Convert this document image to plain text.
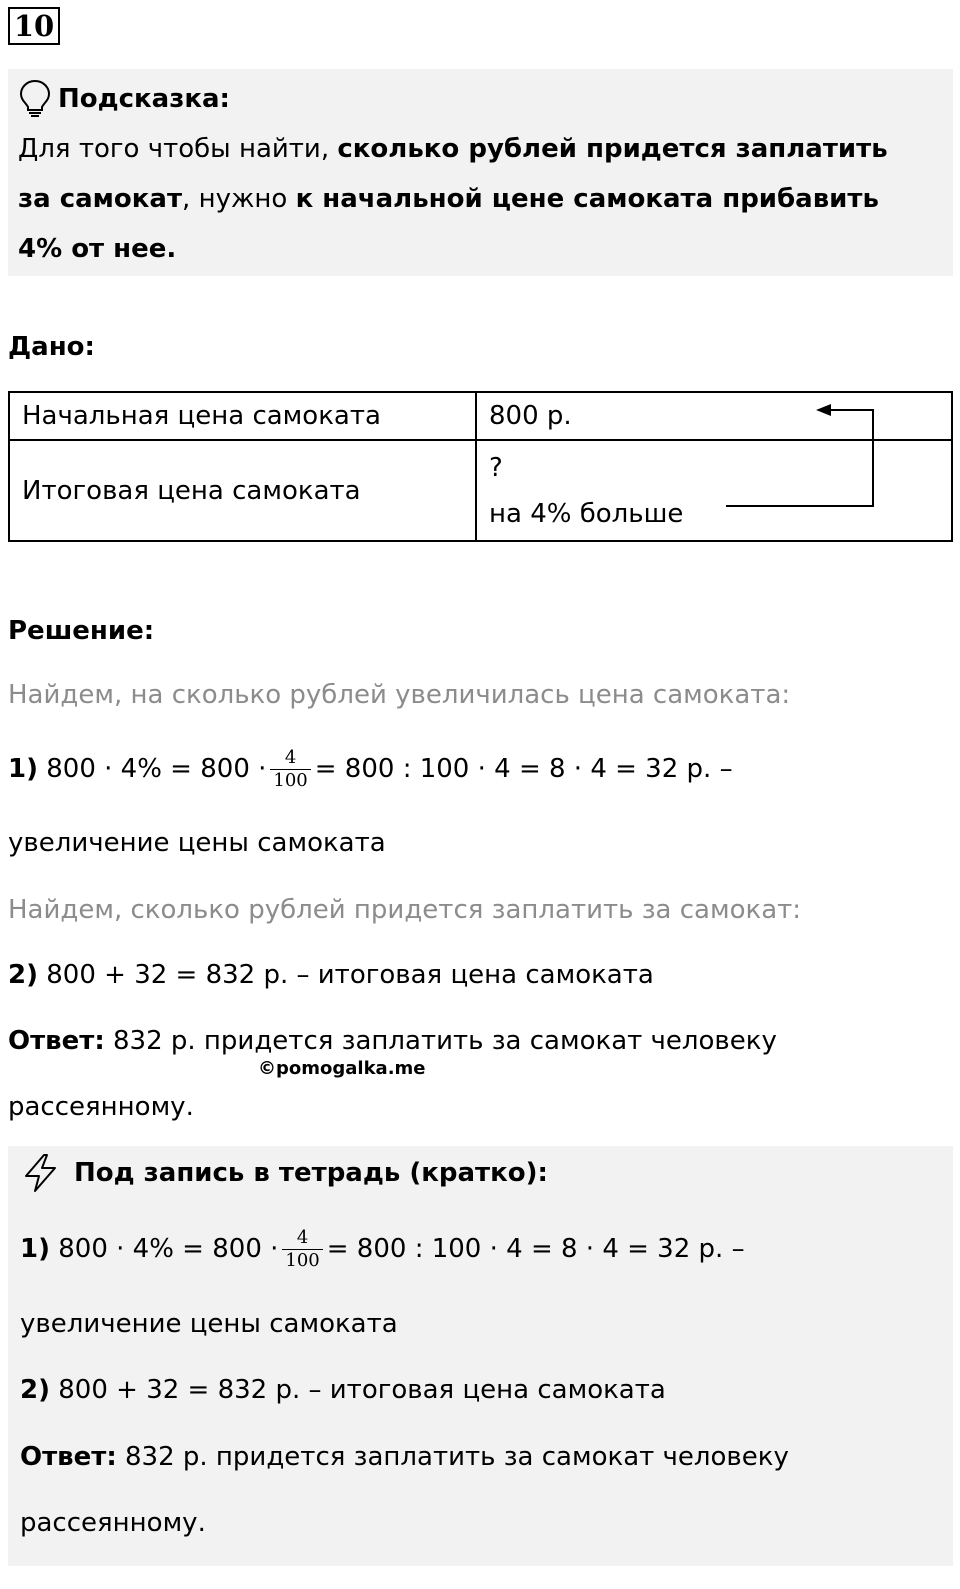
10
Подсказка:
Для того чтобы найти, сколько рублей придется заплатить
за самокат, нужно к начальной цене самоката прибавить
4% от нее.
Дано:
Начальная цена самоката	800 р.
Итоговая цена самоката	?
на 4% больше
Решение:
Найдем, на сколько рублей увеличилась цена самоката:
1) $800 \cdot 4\% = 800 \cdot \frac{4}{100} = 800$ : 100 · 4 = 8 · 4 = 32 р. –
увеличение цены самоката
Найдем, сколько рублей придется заплатить за самокат:
2) 800 + 32 = 832 р. – итоговая цена самоката
Ответ: 832 р. придется заплатить за самокат человеку
©pomogalka.me
рассеянному.
Под запись в тетрадь (кратко):
1) $800 \cdot 4\% = 800 \cdot \frac{4}{100} = 800$ : 100 · 4 = 8 · 4 = 32 р. –
увеличение цены самоката
2) 800 + 32 = 832 р. – итоговая цена самоката
Ответ: 832 р. придется заплатить за самокат человеку
рассеянному.
